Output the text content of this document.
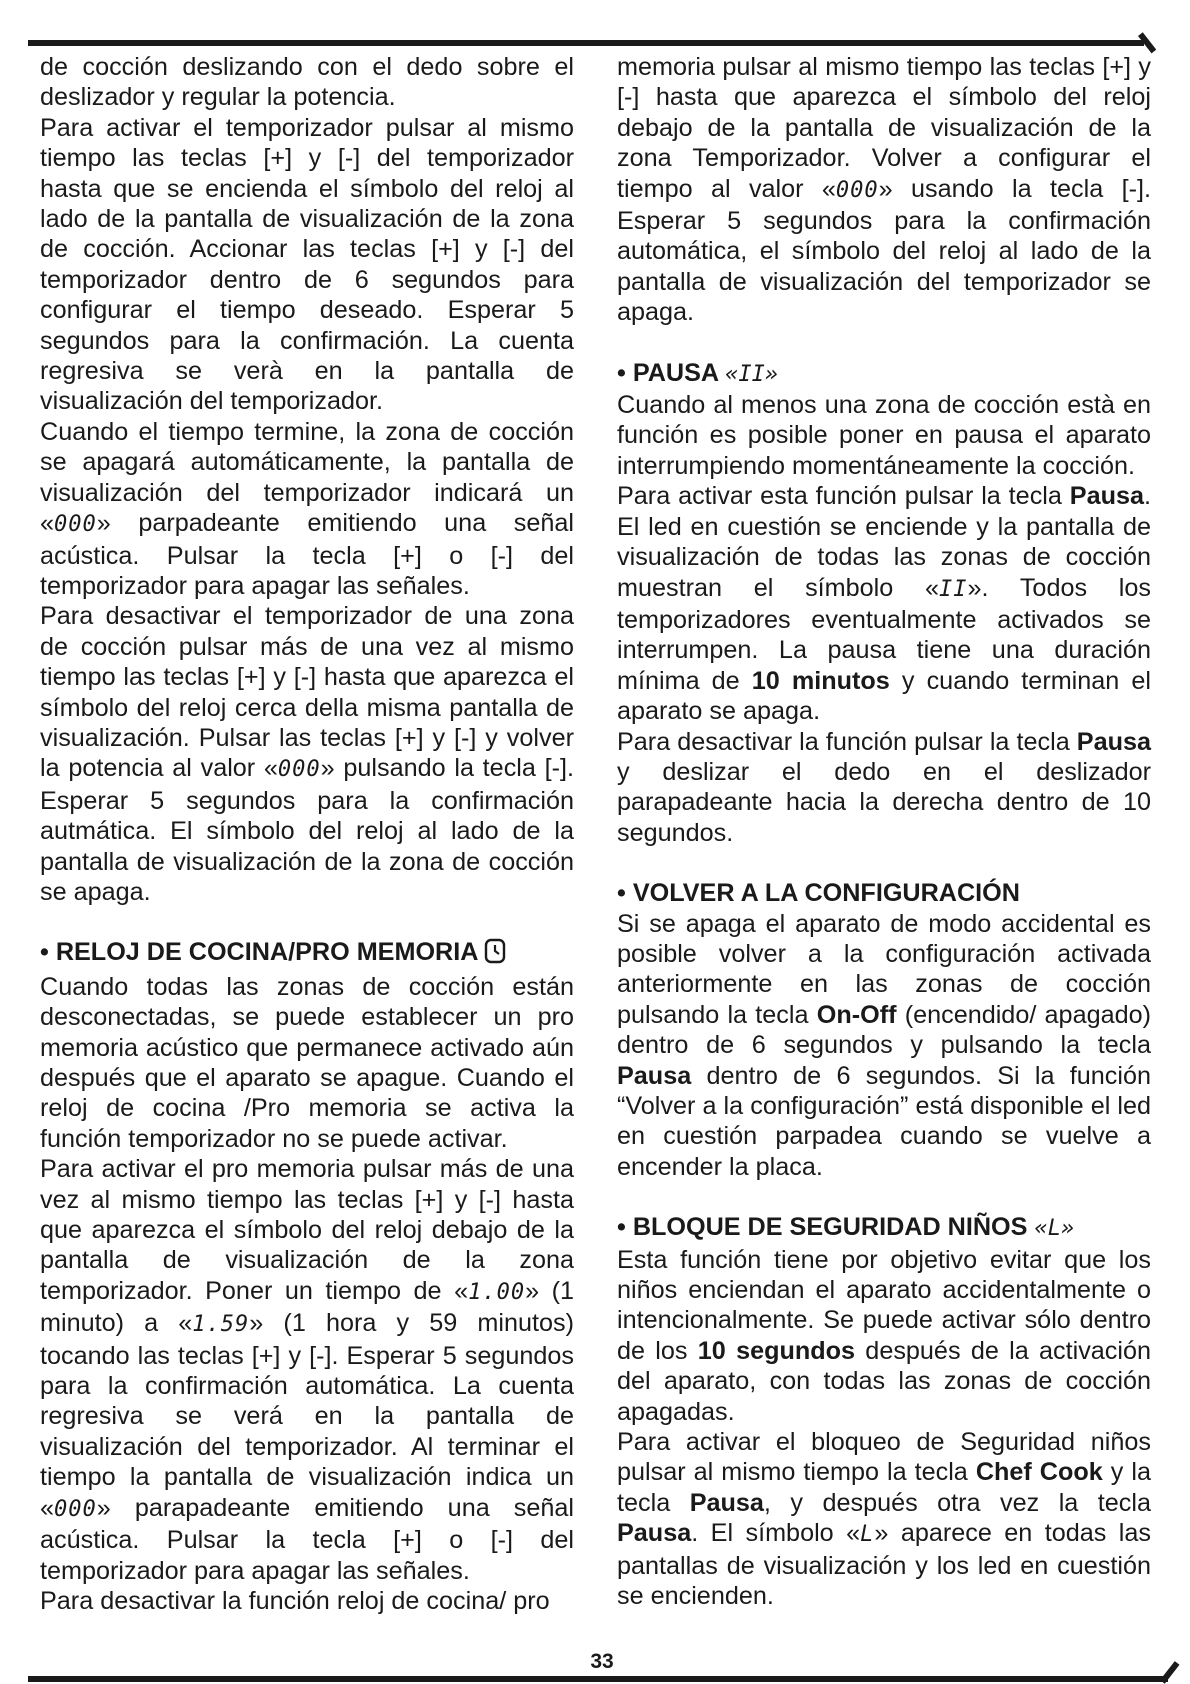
de cocción deslizando con el dedo sobre el deslizador y regular la potencia.

Para activar el temporizador pulsar al mismo tiempo las teclas [+] y [-] del temporizador hasta que se encienda el símbolo del reloj al lado de la pantalla de visualización de la zona de cocción. Accionar las teclas [+] y [-] del temporizador dentro de 6 segundos para configurar el tiempo deseado. Esperar 5 segundos para la confirmación. La cuenta regresiva se verà en la pantalla de visualización del temporizador.

Cuando el tiempo termine, la zona de cocción se apagará automáticamente, la pantalla de visualización del temporizador indicará un «000» parpadeante emitiendo una señal acústica. Pulsar la tecla [+] o [-] del temporizador para apagar las señales.

Para desactivar el temporizador de una zona de cocción pulsar más de una vez al mismo tiempo las teclas [+] y [-] hasta que aparezca el símbolo del reloj cerca della misma pantalla de visualización. Pulsar las teclas [+] y [-] y volver la potencia al valor «000» pulsando la tecla [-]. Esperar 5 segundos para la confirmación autmática. El símbolo del reloj al lado de la pantalla de visualización de la zona de cocción se apaga.

• RELOJ DE COCINA/PRO MEMORIA

Cuando todas las zonas de cocción están desconectadas, se puede establecer un pro memoria acústico que permanece activado aún después que el aparato se apague. Cuando el reloj de cocina /Pro memoria se activa la función temporizador no se puede activar.

Para activar el pro memoria pulsar más de una vez al mismo tiempo las teclas [+] y [-] hasta que aparezca el símbolo del reloj debajo de la pantalla de visualización de la zona temporizador. Poner un tiempo de «1.00» (1 minuto) a «1.59» (1 hora y 59 minutos) tocando las teclas [+] y [-]. Esperar 5 segundos para la confirmación automática. La cuenta regresiva se verá en la pantalla de visualización del temporizador. Al terminar el tiempo la pantalla de visualización indica un «000» parapadeante emitiendo una señal acústica. Pulsar la tecla [+] o [-] del temporizador para apagar las señales.

Para desactivar la función reloj de cocina/ pro

memoria pulsar al mismo tiempo las teclas [+] y [-] hasta que aparezca el símbolo del reloj debajo de la pantalla de visualización de la zona Temporizador. Volver a configurar el tiempo al valor «000» usando la tecla [-]. Esperar 5 segundos para la confirmación automática, el símbolo del reloj al lado de la pantalla de visualización del temporizador se apaga.

• PAUSA «II»

Cuando al menos una zona de cocción està en función es posible poner en pausa el aparato interrumpiendo momentáneamente la cocción.

Para activar esta función pulsar la tecla Pausa. El led en cuestión se enciende y la pantalla de visualización de todas las zonas de cocción muestran el símbolo «II». Todos los temporizadores eventualmente activados se interrumpen. La pausa tiene una duración mínima de 10 minutos y cuando terminan el aparato se apaga.

Para desactivar la función pulsar la tecla Pausa y deslizar el dedo en el deslizador parapadeante hacia la derecha dentro de 10 segundos.

• VOLVER A LA CONFIGURACIÓN

Si se apaga el aparato de modo accidental es posible volver a la configuración activada anteriormente en las zonas de cocción pulsando la tecla On-Off (encendido/ apagado) dentro de 6 segundos y pulsando la tecla Pausa dentro de 6 segundos. Si la función “Volver a la configuración” está disponible el led en cuestión parpadea cuando se vuelve a encender la placa.

• BLOQUE DE SEGURIDAD NIÑOS «L»

Esta función tiene por objetivo evitar que los niños enciendan el aparato accidentalmente o intencionalmente. Se puede activar sólo dentro de los 10 segundos después de la activación del aparato, con todas las zonas de cocción apagadas.

Para activar el bloqueo de Seguridad niños pulsar al mismo tiempo la tecla Chef Cook y la tecla Pausa, y después otra vez la tecla Pausa. El símbolo «L» aparece en todas las pantallas de visualización y los led en cuestión se encienden.

33
